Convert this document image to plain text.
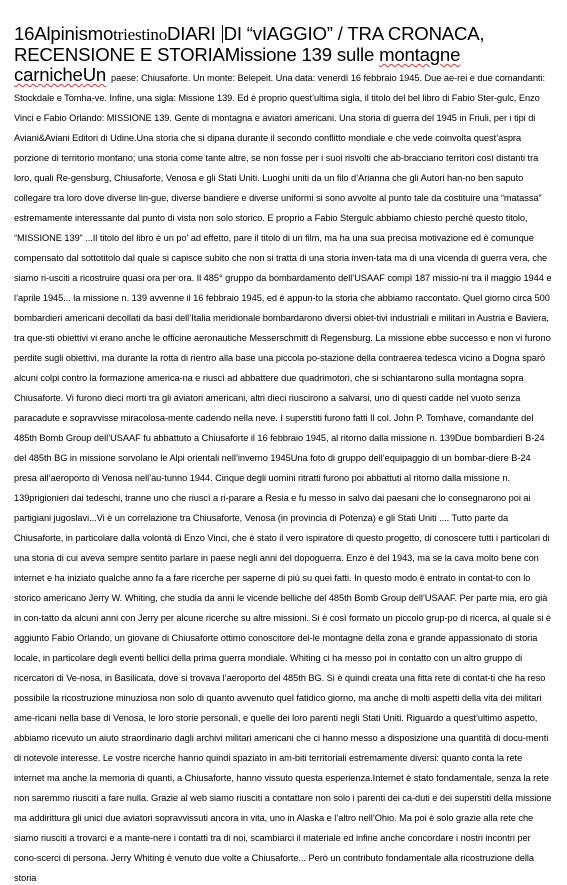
16AlpinismotriestinoDIARI DI “vIAGGIO” / TRA CRONACA, RECENSIONE E STORIAMissione 139 sulle montagne carnicheUn paese: Chiusaforte. Un monte: Belepeit. Una data: venerdì 16 febbraio 1945. Due ae-rei e due comandanti: Stockdale e Tomha-ve. Infine, una sigla: Missione 139. Ed è proprio quest’ultima sigla, il titolo del bel libro di Fabio Ster-gulc, Enzo Vinci e Fabio Orlando: MISSIONE 139. Gente di montagna e aviatori americani. Una storia di guerra del 1945 in Friuli, per i tipi di Aviani&Aviani Editori di Udine.Una storia che si dipana durante il secondo conflitto mondiale e che vede coinvolta quest’aspra porzione di territorio montano; una storia come tante altre, se non fosse per i suoi risvolti che ab-bracciano territori così distanti tra loro, quali Re-gensburg, Chiusaforte, Venosa e gli Stati Uniti. Luoghi uniti da un filo d’Arianna che gli Autori han-no ben saputo collegare tra loro dove diverse lin-gue, diverse bandiere e diverse uniformi si sono avvolte al punto tale da costituire una “matassa” estremamente interessante dal punto di vista non solo storico. E proprio a Fabio Stergulc abbiamo chiesto perché questo titolo, “MISSIONE 139” ...Il titolo del libro è un po’ ad effetto, pare il titolo di un film, ma ha una sua precisa motivazione ed è comunque compensato dal sottotitolo dal quale si capisce subito che non si tratta di una storia inven-tata ma di una vicenda di guerra vera, che siamo ri-usciti a ricostruire quasi ora per ora. Il 485° gruppo da bombardamento dell’USAAF compì 187 missio-ni tra il maggio 1944 e l’aprile 1945... la missione n. 139 avvenne il 16 febbraio 1945, ed è appun-to la storia che abbiamo raccontato. Quel giorno circa 500 bombardieri americani decollati da basi dell’Italia meridionale bombardarono diversi obiet-tivi industriali e militari in Austria e Baviera, tra que-sti obiettivi vi erano anche le officine aeronautiche Messerschmitt di Regensburg. La missione ebbe successo e non vi furono perdite sugli obiettivi, ma durante la rotta di rientro alla base una piccola po-stazione della contraerea tedesca vicino a Dogna sparò alcuni colpi contro la formazione america-na e riuscì ad abbattere due quadrimotori, che si schiantarono sulla montagna sopra Chiusaforte. Vi furono dieci morti tra gli aviatori americani, altri dieci riuscirono a salvarsi, uno di questi cadde nel vuoto senza paracadute e sopravvisse miracolosa-mente cadendo nella neve. I superstiti furono fatti Il col. John P. Tomhave, comandante del 485th Bomb Group dell’USAAF fu abbattuto a Chiusaforte il 16 febbraio 1945, al ritorno dalla missione n. 139Due bombardieri B-24 del 485th BG in missione sorvolano le Alpi orientali nell’inverno 1945Una foto di gruppo dell’equipaggio di un bombar-diere B-24 presa all’aeroporto di Venosa nell’au-tunno 1944. Cinque degli uomini ritratti furono poi abbattuti al ritorno dalla missione n. 139prigionieri dai tedeschi, tranne uno che riuscì a ri-parare a Resia e fu messo in salvo dai paesani che lo consegnarono poi ai partigiani jugoslavi...Vi è un correlazione tra Chiusaforte, Venosa (in provincia di Potenza) e gli Stati Uniti .... Tutto parte da Chiusaforte, in particolare dalla volontà di Enzo Vinci, che è stato il vero ispiratore di questo progetto, di conoscere tutti i particolari di una storia di cui aveva sempre sentito parlare in paese negli anni del dopoguerra. Enzo è del 1943, ma se la cava molto bene con internet e ha iniziato qualche anno fa a fare ricerche per saperne di più su quei fatti. In questo modo è entrato in contat-to con lo storico americano Jerry W. Whiting, che studia da anni le vicende belliche del 485th Bomb Group dell’USAAF. Per parte mia, ero già in con-tatto da alcuni anni con Jerry per alcune ricerche su altre missioni. Si è così formato un piccolo grup-po di ricerca, al quale si è aggiunto Fabio Orlando, un giovane di Chiusaforte ottimo conoscitore del-le montagne della zona e grande appassionato di storia locale, in particolare degli eventi bellici della prima guerra mondiale. Whiting ci ha messo poi in contatto con un altro gruppo di ricercatori di Ve-nosa, in Basilicata, dove si trovava l’aeroporto del 485th BG. Si è quindi creata una fitta rete di contat-ti che ha reso possibile la ricostruzione minuziosa non solo di quanto avvenuto quel fatidico giorno, ma anche di molti aspetti della vita dei militari ame-ricani nella base di Venosa, le loro storie personali, e quelle dei loro parenti negli Stati Uniti. Riguardo a quest’ultimo aspetto, abbiamo ricevuto un aiuto straordinario dagli archivi militari americani che ci hanno messo a disposizione una quantità di docu-menti di notevole interesse. Le vostre ricerche hanno quindi spaziato in am-biti territoriali estremamente diversi: quanto conta la rete internet ma anche la memoria di quanti, a Chiusaforte, hanno vissuto questa esperienza.Internet è stato fondamentale, senza la rete non saremmo riusciti a fare nulla. Grazie al web siamo riusciti a contattare non solo i parenti dei ca-duti e dei superstiti della missione ma addirittura gli unici due aviatori sopravvissuti ancora in vita, uno in Alaska e l’altro nell’Ohio. Ma poi è solo grazie alla rete che siamo riusciti a trovarci e a mante-nere i contatti tra di noi, scambiarci il materiale ed infine anche concordare i nostri incontri per cono-scerci di persona. Jerry Whiting è venuto due volte a Chiusaforte... Però un contributo fondamentale alla ricostruzione della storia
